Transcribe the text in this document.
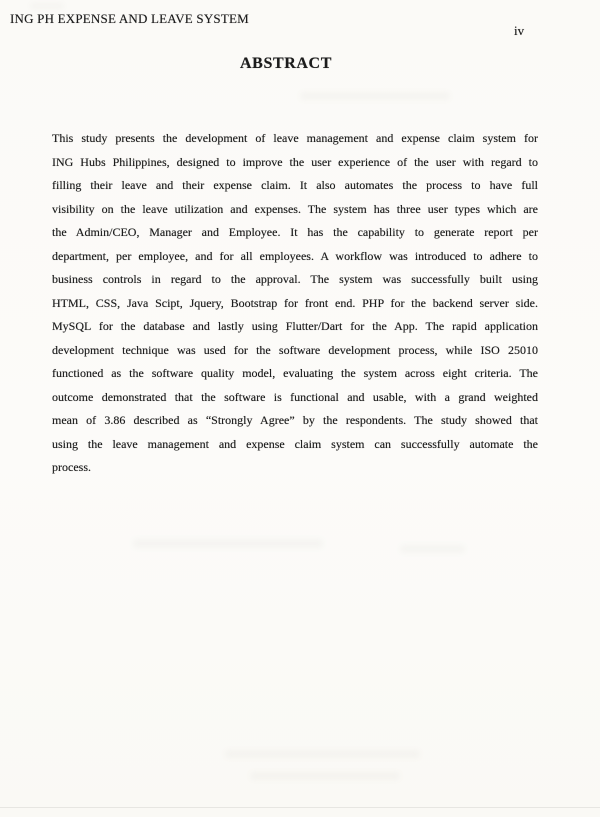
ING PH EXPENSE AND LEAVE SYSTEM
iv
ABSTRACT
This study presents the development of leave management and expense claim system for
ING Hubs Philippines, designed to improve the user experience of the user with regard to
filling their leave and their expense claim. It also automates the process to have full
visibility on the leave utilization and expenses. The system has three user types which are
the Admin/CEO, Manager and Employee. It has the capability to generate report per
department, per employee, and for all employees. A workflow was introduced to adhere to
business controls in regard to the approval. The system was successfully built using
HTML, CSS, Java Scipt, Jquery, Bootstrap for front end. PHP for the backend server side.
MySQL for the database and lastly using Flutter/Dart for the App. The rapid application
development technique was used for the software development process, while ISO 25010
functioned as the software quality model, evaluating the system across eight criteria. The
outcome demonstrated that the software is functional and usable, with a grand weighted
mean of 3.86 described as “Strongly Agree” by the respondents. The study showed that
using the leave management and expense claim system can successfully automate the
process.
